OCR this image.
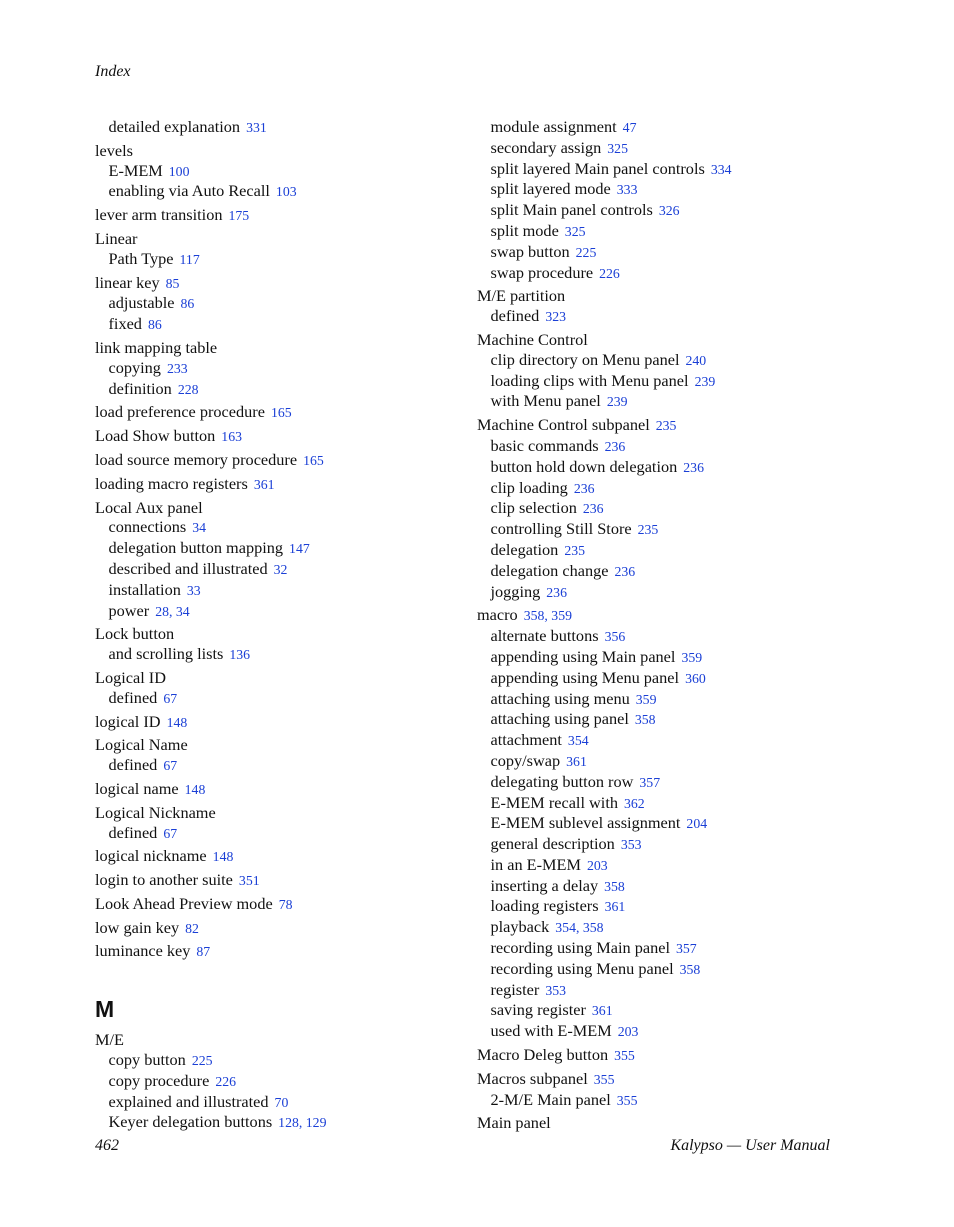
Index
detailed explanation 331
levels
E-MEM 100
enabling via Auto Recall 103
lever arm transition 175
Linear
Path Type 117
linear key 85
adjustable 86
fixed 86
link mapping table
copying 233
definition 228
load preference procedure 165
Load Show button 163
load source memory procedure 165
loading macro registers 361
Local Aux panel
connections 34
delegation button mapping 147
described and illustrated 32
installation 33
power 28, 34
Lock button
and scrolling lists 136
Logical ID
defined 67
logical ID 148
Logical Name
defined 67
logical name 148
Logical Nickname
defined 67
logical nickname 148
login to another suite 351
Look Ahead Preview mode 78
low gain key 82
luminance key 87
M
M/E
copy button 225
copy procedure 226
explained and illustrated 70
Keyer delegation buttons 128, 129
module assignment 47
secondary assign 325
split layered Main panel controls 334
split layered mode 333
split Main panel controls 326
split mode 325
swap button 225
swap procedure 226
M/E partition
defined 323
Machine Control
clip directory on Menu panel 240
loading clips with Menu panel 239
with Menu panel 239
Machine Control subpanel 235
basic commands 236
button hold down delegation 236
clip loading 236
clip selection 236
controlling Still Store 235
delegation 235
delegation change 236
jogging 236
macro 358, 359
alternate buttons 356
appending using Main panel 359
appending using Menu panel 360
attaching using menu 359
attaching using panel 358
attachment 354
copy/swap 361
delegating button row 357
E-MEM recall with 362
E-MEM sublevel assignment 204
general description 353
in an E-MEM 203
inserting a delay 358
loading registers 361
playback 354, 358
recording using Main panel 357
recording using Menu panel 358
register 353
saving register 361
used with E-MEM 203
Macro Deleg button 355
Macros subpanel 355
2-M/E Main panel 355
Main panel
462	Kalypso — User Manual
